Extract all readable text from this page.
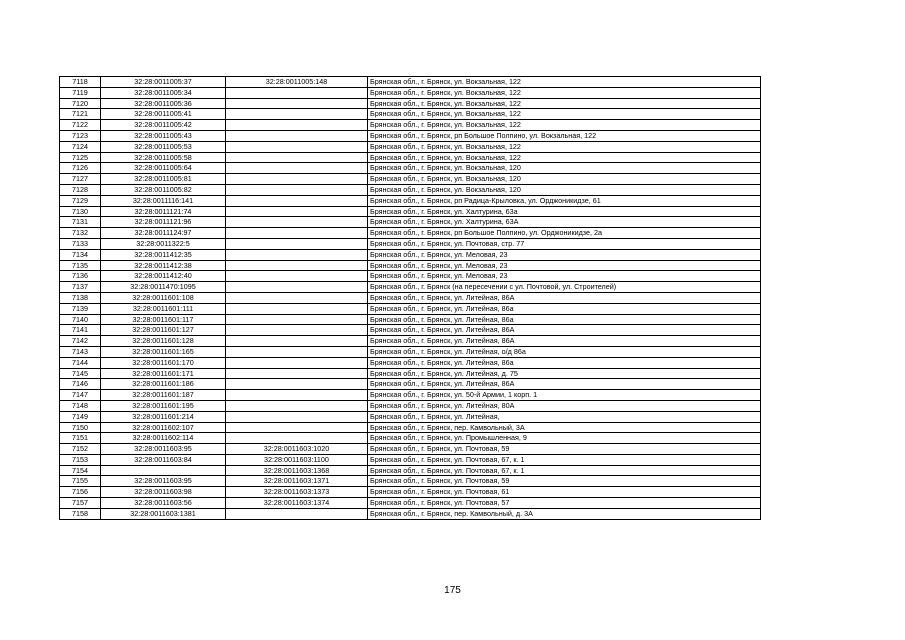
7118	32:28:0011005:37	32:28:0011005:148	Брянская обл., г. Брянск, ул. Вокзальная, 122
7119	32:28:0011005:34		Брянская обл., г. Брянск, ул. Вокзальная, 122
7120	32:28:0011005:36		Брянская обл., г. Брянск, ул. Вокзальная, 122
7121	32:28:0011005:41		Брянская обл., г. Брянск, ул. Вокзальная, 122
7122	32:28:0011005:42		Брянская обл., г. Брянск, ул. Вокзальная, 122
7123	32:28:0011005:43		Брянская обл., г. Брянск, рп Большое Полпино, ул. Вокзальная, 122
7124	32:28:0011005:53		Брянская обл., г. Брянск, ул. Вокзальная, 122
7125	32:28:0011005:58		Брянская обл., г. Брянск, ул. Вокзальная, 122
7126	32:28:0011005:64		Брянская обл., г. Брянск, ул. Вокзальная, 120
7127	32:28:0011005:81		Брянская обл., г. Брянск, ул. Вокзальная, 120
7128	32:28:0011005:82		Брянская обл., г. Брянск, ул. Вокзальная, 120
7129	32:28:0011116:141		Брянская обл., г. Брянск, рп Радица-Крыловка, ул. Орджоникидзе, 61
7130	32:28:0011121:74		Брянская обл., г. Брянск, ул. Халтурина, 63а
7131	32:28:0011121:96		Брянская обл., г. Брянск, ул. Халтурина, 63А
7132	32:28:0011124:97		Брянская обл., г. Брянск, рп Большое Полпино, ул. Орджоникидзе, 2а
7133	32:28:0011322:5		Брянская обл., г. Брянск, ул. Почтовая, стр. 77
7134	32:28:0011412:35		Брянская обл., г. Брянск, ул. Меловая, 23
7135	32:28:0011412:38		Брянская обл., г. Брянск, ул. Меловая, 23
7136	32:28:0011412:40		Брянская обл., г. Брянск, ул. Меловая, 23
7137	32:28:0011470:1095		Брянская обл., г. Брянск (на пересечении с ул. Почтовой, ул. Строителей)
7138	32:28:0011601:108		Брянская обл., г. Брянск, ул. Литейная, 86А
7139	32:28:0011601:111		Брянская обл., г. Брянск, ул. Литейная, 86а
7140	32:28:0011601:117		Брянская обл., г. Брянск, ул. Литейная, 86а
7141	32:28:0011601:127		Брянская обл., г. Брянск, ул. Литейная, 86А
7142	32:28:0011601:128		Брянская обл., г. Брянск, ул. Литейная, 86А
7143	32:28:0011601:165		Брянская обл., г. Брянск, ул. Литейная, о/д 86а
7144	32:28:0011601:170		Брянская обл., г. Брянск, ул. Литейная, 86а
7145	32:28:0011601:171		Брянская обл., г. Брянск, ул. Литейная, д. 75
7146	32:28:0011601:186		Брянская обл., г. Брянск, ул. Литейная, 86А
7147	32:28:0011601:187		Брянская обл., г. Брянск, ул. 50-й Армии, 1 корп. 1
7148	32:28:0011601:195		Брянская обл., г. Брянск, ул. Литейная, 80А
7149	32:28:0011601:214		Брянская обл., г. Брянск, ул. Литейная,
7150	32:28:0011602:107		Брянская обл., г. Брянск, пер. Камвольный, 3А
7151	32:28:0011602:114		Брянская обл., г. Брянск, ул. Промышленная, 9
7152	32:28:0011603:95	32:28:0011603:1020	Брянская обл., г. Брянск, ул. Почтовая, 59
7153	32:28:0011603:84	32:28:0011603:1100	Брянская обл., г. Брянск, ул. Почтовая, 67, к. 1
7154		32:28:0011603:1368	Брянская обл., г. Брянск, ул. Почтовая, 67, к. 1
7155	32:28:0011603:95	32:28:0011603:1371	Брянская обл., г. Брянск, ул. Почтовая, 59
7156	32:28:0011603:98	32:28:0011603:1373	Брянская обл., г. Брянск, ул. Почтовая, 61
7157	32:28:0011603:56	32:28:0011603:1374	Брянская обл., г. Брянск, ул. Почтовая, 57
7158	32:28:0011603:1381		Брянская обл., г. Брянск, пер. Камвольный, д. 3А
175
